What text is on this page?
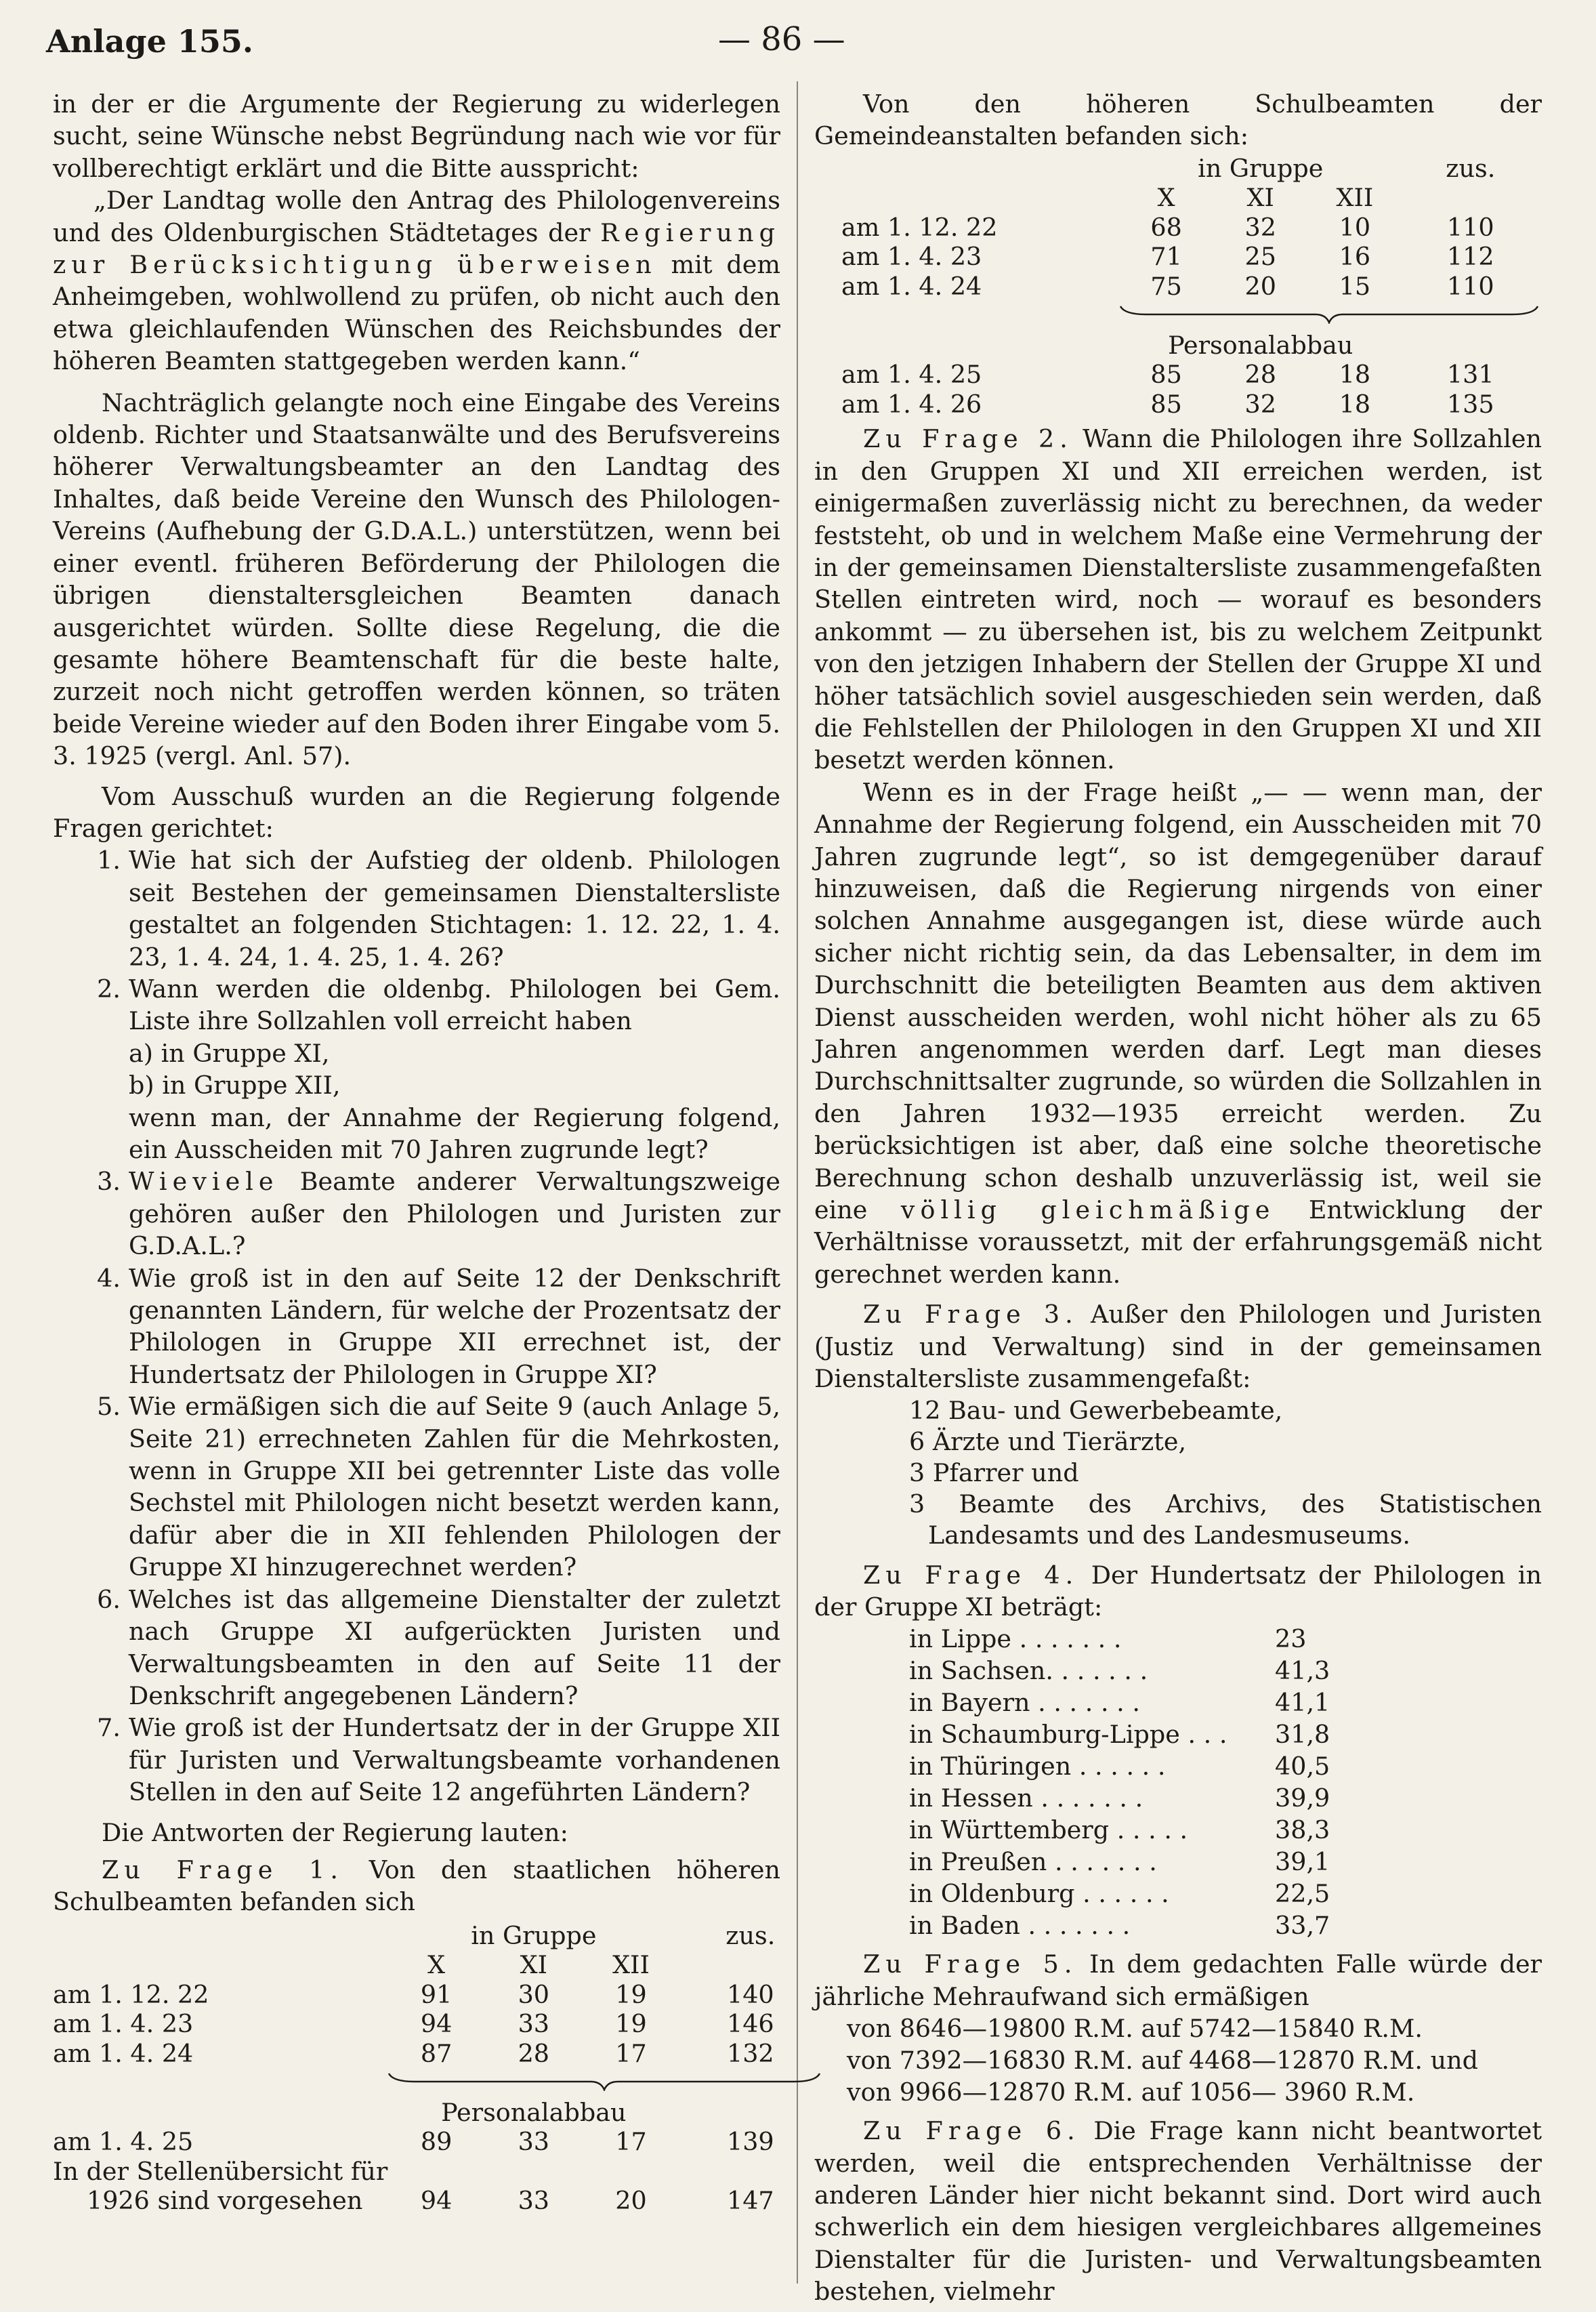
Anlage 155.	— 86 —

in der er die Argumente der Regierung zu widerlegen sucht, seine Wünsche nebst Begründung nach wie vor für vollberechtigt erklärt und die Bitte ausspricht:

„Der Landtag wolle den Antrag des Philologenvereins und des Oldenburgischen Städtetages der Regierung zur Berücksichtigung überweisen mit dem Anheimgeben, wohlwollend zu prüfen, ob nicht auch den etwa gleichlaufenden Wünschen des Reichsbundes der höheren Beamten stattgegeben werden kann.“

Nachträglich gelangte noch eine Eingabe des Vereins oldenb. Richter und Staatsanwälte und des Berufsvereins höherer Verwaltungsbeamter an den Landtag des Inhaltes, daß beide Vereine den Wunsch des Philologen-Vereins (Aufhebung der G.D.A.L.) unterstützen, wenn bei einer eventl. früheren Beförderung der Philologen die übrigen dienstaltersgleichen Beamten danach ausgerichtet würden. Sollte diese Regelung, die die gesamte höhere Beamtenschaft für die beste halte, zurzeit noch nicht getroffen werden können, so träten beide Vereine wieder auf den Boden ihrer Eingabe vom 5. 3. 1925 (vergl. Anl. 57).

Vom Ausschuß wurden an die Regierung folgende Fragen gerichtet:

1. Wie hat sich der Aufstieg der oldenb. Philologen seit Bestehen der gemeinsamen Dienstaltersliste gestaltet an folgenden Stichtagen: 1. 12. 22, 1. 4. 23, 1. 4. 24, 1. 4. 25, 1. 4. 26?
2. Wann werden die oldenbg. Philologen bei Gem. Liste ihre Sollzahlen voll erreicht haben
a) in Gruppe XI,
b) in Gruppe XII,
wenn man, der Annahme der Regierung folgend, ein Ausscheiden mit 70 Jahren zugrunde legt?
3. Wieviele Beamte anderer Verwaltungszweige gehören außer den Philologen und Juristen zur G.D.A.L.?
4. Wie groß ist in den auf Seite 12 der Denkschrift genannten Ländern, für welche der Prozentsatz der Philologen in Gruppe XII errechnet ist, der Hundertsatz der Philologen in Gruppe XI?
5. Wie ermäßigen sich die auf Seite 9 (auch Anlage 5, Seite 21) errechneten Zahlen für die Mehrkosten, wenn in Gruppe XII bei getrennter Liste das volle Sechstel mit Philologen nicht besetzt werden kann, dafür aber die in XII fehlenden Philologen der Gruppe XI hinzugerechnet werden?
6. Welches ist das allgemeine Dienstalter der zuletzt nach Gruppe XI aufgerückten Juristen und Verwaltungsbeamten in den auf Seite 11 der Denkschrift angegebenen Ländern?
7. Wie groß ist der Hundertsatz der in der Gruppe XII für Juristen und Verwaltungsbeamte vorhandenen Stellen in den auf Seite 12 angeführten Ländern?

Die Antworten der Regierung lauten:

Zu Frage 1. Von den staatlichen höheren Schulbeamten befanden sich

	in Gruppe			zus.
	X	XI	XII	
am 1. 12. 22	91	30	19	140
am 1. 4. 23	94	33	19	146
am 1. 4. 24	87	28	17	132

	Personalabbau			
am 1. 4. 25	89	33	17	139
In der Stellenübersicht für				
1926 sind vorgesehen	94	33	20	147

Von den höheren Schulbeamten der Gemeindeanstalten befanden sich:

	in Gruppe			zus.
	X	XI	XII	
am 1. 12. 22	68	32	10	110
am 1. 4. 23	71	25	16	112
am 1. 4. 24	75	20	15	110

	Personalabbau			
am 1. 4. 25	85	28	18	131
am 1. 4. 26	85	32	18	135

Zu Frage 2. Wann die Philologen ihre Sollzahlen in den Gruppen XI und XII erreichen werden, ist einigermaßen zuverlässig nicht zu berechnen, da weder feststeht, ob und in welchem Maße eine Vermehrung der in der gemeinsamen Dienstaltersliste zusammengefaßten Stellen eintreten wird, noch — worauf es besonders ankommt — zu übersehen ist, bis zu welchem Zeitpunkt von den jetzigen Inhabern der Stellen der Gruppe XI und höher tatsächlich soviel ausgeschieden sein werden, daß die Fehlstellen der Philologen in den Gruppen XI und XII besetzt werden können.

Wenn es in der Frage heißt „— — wenn man, der Annahme der Regierung folgend, ein Ausscheiden mit 70 Jahren zugrunde legt“, so ist demgegenüber darauf hinzuweisen, daß die Regierung nirgends von einer solchen Annahme ausgegangen ist, diese würde auch sicher nicht richtig sein, da das Lebensalter, in dem im Durchschnitt die beteiligten Beamten aus dem aktiven Dienst ausscheiden werden, wohl nicht höher als zu 65 Jahren angenommen werden darf. Legt man dieses Durchschnittsalter zugrunde, so würden die Sollzahlen in den Jahren 1932—1935 erreicht werden. Zu berücksichtigen ist aber, daß eine solche theoretische Berechnung schon deshalb unzuverlässig ist, weil sie eine völlig gleichmäßige Entwicklung der Verhältnisse voraussetzt, mit der erfahrungsgemäß nicht gerechnet werden kann.

Zu Frage 3. Außer den Philologen und Juristen (Justiz und Verwaltung) sind in der gemeinsamen Dienstaltersliste zusammengefaßt:

12 Bau- und Gewerbebeamte,
6 Ärzte und Tierärzte,
3 Pfarrer und
3 Beamte des Archivs, des Statistischen Landesamts und des Landesmuseums.

Zu Frage 4. Der Hundertsatz der Philologen in der Gruppe XI beträgt:

in Lippe . . . . . . .	23
in Sachsen. . . . . . .	41,3
in Bayern . . . . . . .	41,1
in Schaumburg-Lippe . . .	31,8
in Thüringen . . . . . .	40,5
in Hessen . . . . . . .	39,9
in Württemberg . . . . .	38,3
in Preußen . . . . . . .	39,1
in Oldenburg . . . . . .	22,5
in Baden . . . . . . .	33,7

Zu Frage 5. In dem gedachten Falle würde der jährliche Mehraufwand sich ermäßigen

von 8646—19800 R.M. auf 5742—15840 R.M.
von 7392—16830 R.M. auf 4468—12870 R.M. und
von 9966—12870 R.M. auf 1056— 3960 R.M.

Zu Frage 6. Die Frage kann nicht beantwortet werden, weil die entsprechenden Verhältnisse der anderen Länder hier nicht bekannt sind. Dort wird auch schwerlich ein dem hiesigen vergleichbares allgemeines Dienstalter für die Juristen- und Verwaltungsbeamten bestehen, vielmehr
